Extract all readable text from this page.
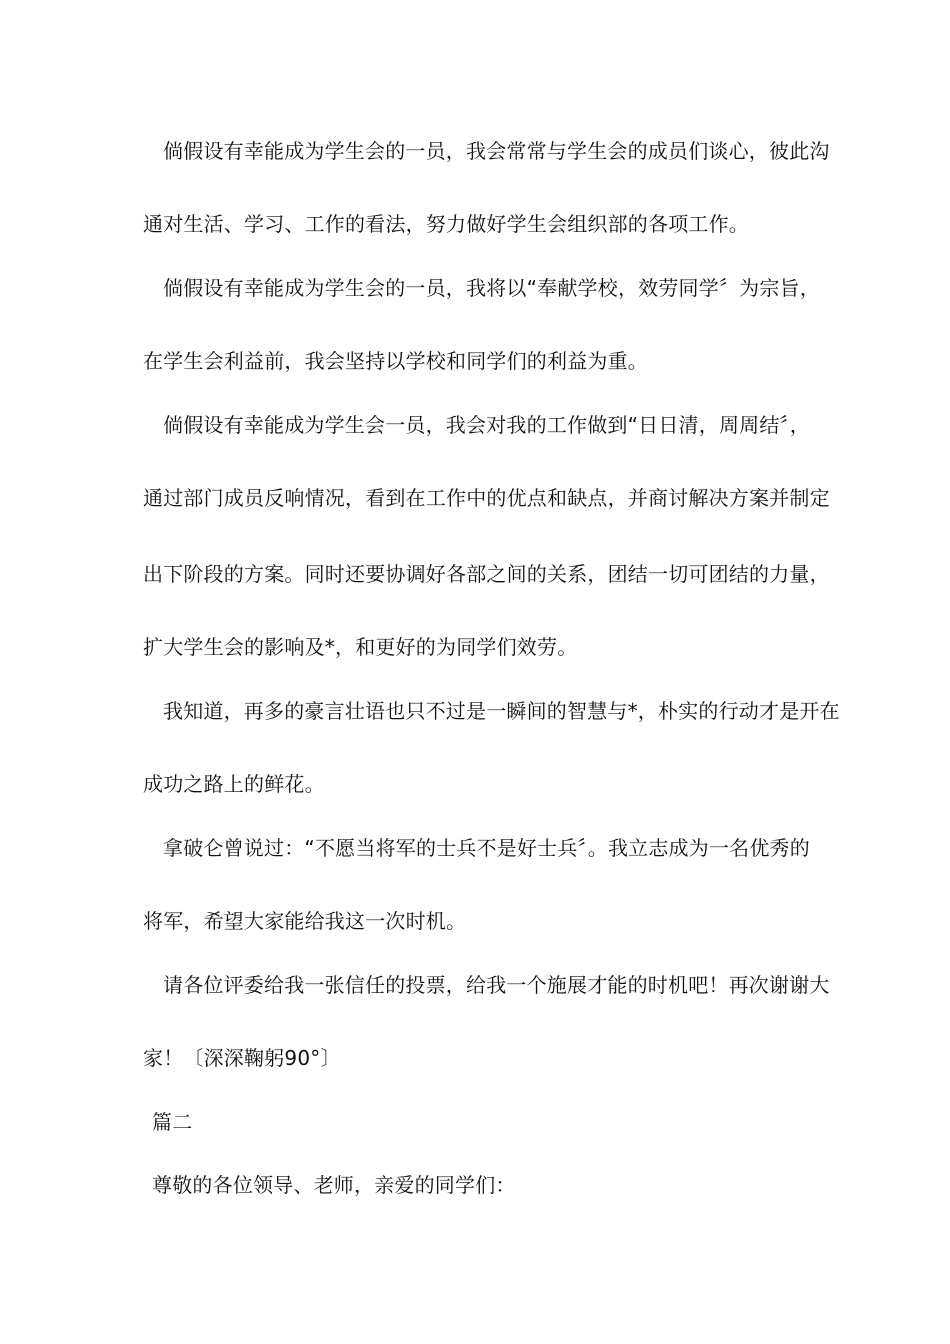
倘假设有幸能成为学生会的一员，我会常常与学生会的成员们谈心，彼此沟
通对生活、学习、工作的看法，努力做好学生会组织部的各项工作。
倘假设有幸能成为学生会的一员，我将以“奉献学校，效劳同学〞为宗旨，
在学生会利益前，我会坚持以学校和同学们的利益为重。
倘假设有幸能成为学生会一员，我会对我的工作做到“日日清，周周结〞，
通过部门成员反响情况，看到在工作中的优点和缺点，并商讨解决方案并制定
出下阶段的方案。同时还要协调好各部之间的关系，团结一切可团结的力量，
扩大学生会的影响及*，和更好的为同学们效劳。
我知道，再多的豪言壮语也只不过是一瞬间的智慧与*，朴实的行动才是开在
成功之路上的鲜花。
拿破仑曾说过：“不愿当将军的士兵不是好士兵〞。我立志成为一名优秀的
将军，希望大家能给我这一次时机。
请各位评委给我一张信任的投票，给我一个施展才能的时机吧！再次谢谢大
家！〔深深鞠躬90°〕
篇二
尊敬的各位领导、老师，亲爱的同学们：
